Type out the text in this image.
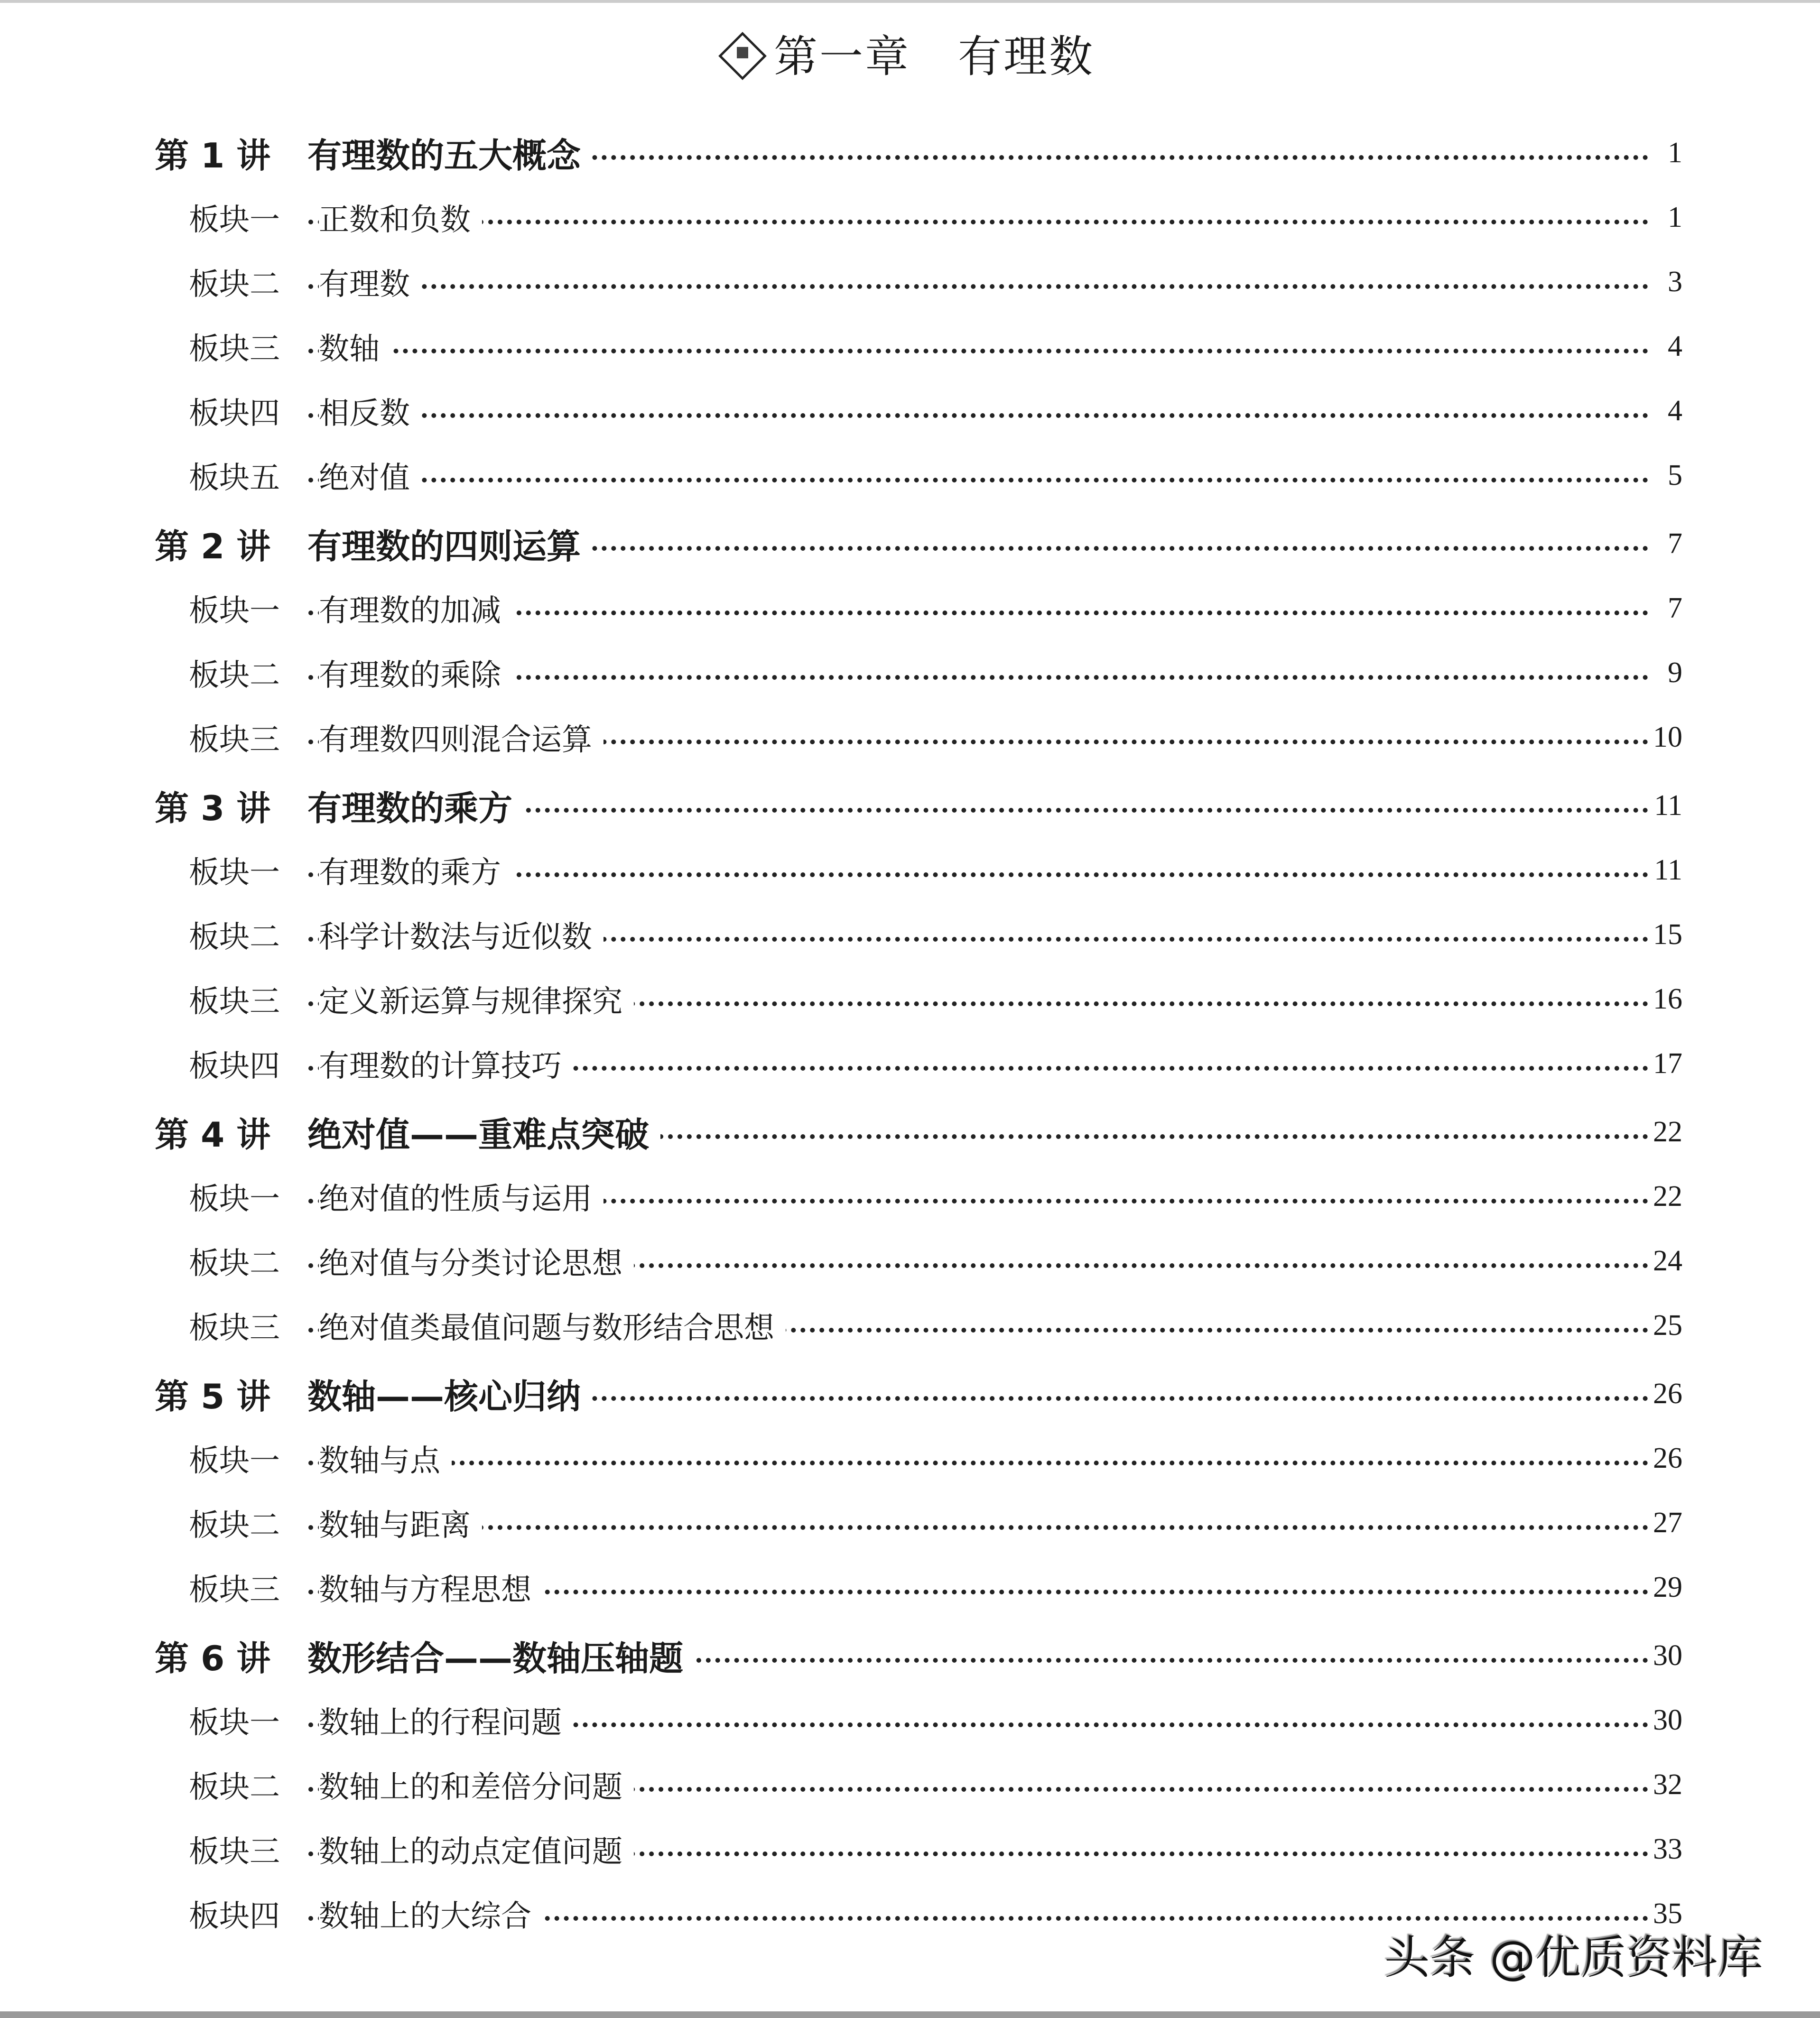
第一章 有理数
第 1 讲 有理数的五大概念	1
板块一 正数和负数	1
板块二 有理数	3
板块三 数轴	4
板块四 相反数	4
板块五 绝对值	5
第 2 讲 有理数的四则运算	7
板块一 有理数的加减	7
板块二 有理数的乘除	9
板块三 有理数四则混合运算	10
第 3 讲 有理数的乘方	11
板块一 有理数的乘方	11
板块二 科学计数法与近似数	15
板块三 定义新运算与规律探究	16
板块四 有理数的计算技巧	17
第 4 讲 绝对值——重难点突破	22
板块一 绝对值的性质与运用	22
板块二 绝对值与分类讨论思想	24
板块三 绝对值类最值问题与数形结合思想	25
第 5 讲 数轴——核心归纳	26
板块一 数轴与点	26
板块二 数轴与距离	27
板块三 数轴与方程思想	29
第 6 讲 数形结合——数轴压轴题	30
板块一 数轴上的行程问题	30
板块二 数轴上的和差倍分问题	32
板块三 数轴上的动点定值问题	33
板块四 数轴上的大综合	35
头条 @优质资料库
